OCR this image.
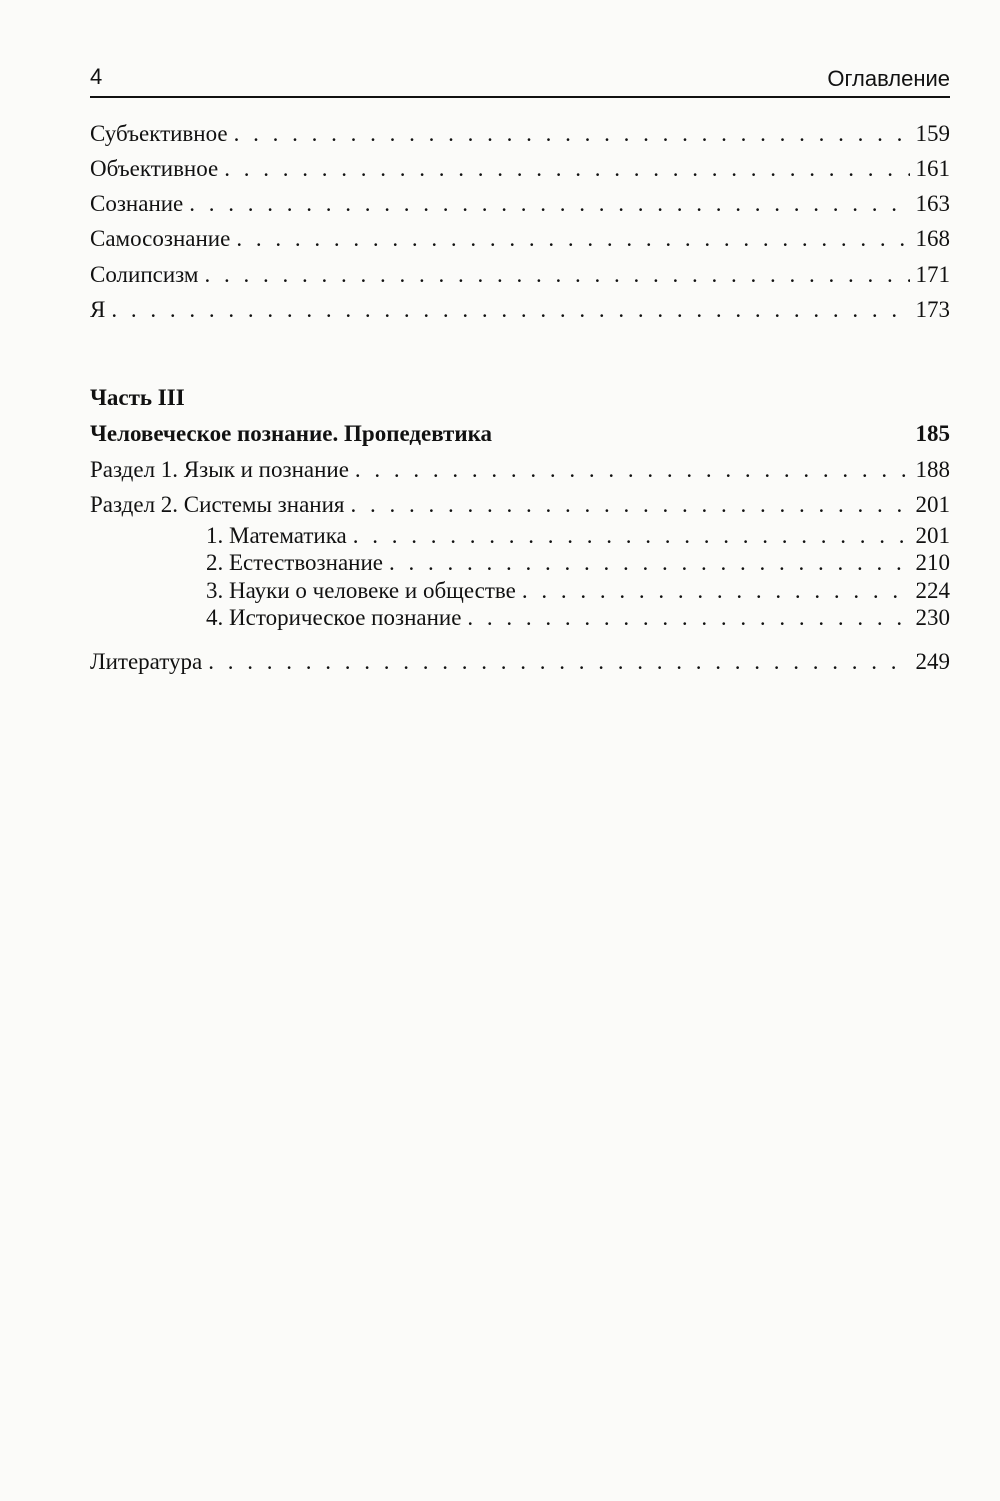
4	Оглавление
Субъективное . . .	159
Объективное . . .	161
Сознание . . .	163
Самосознание . . .	168
Солипсизм . . .	171
Я . . .	173
Часть III
Человеческое познание. Пропедевтика	185
Раздел 1. Язык и познание . . .	188
Раздел 2. Системы знания . . .	201
1. Математика . . .	201
2. Естествознание . . .	210
3. Науки о человеке и обществе . . .	224
4. Историческое познание . . .	230
Литература . . .	249
